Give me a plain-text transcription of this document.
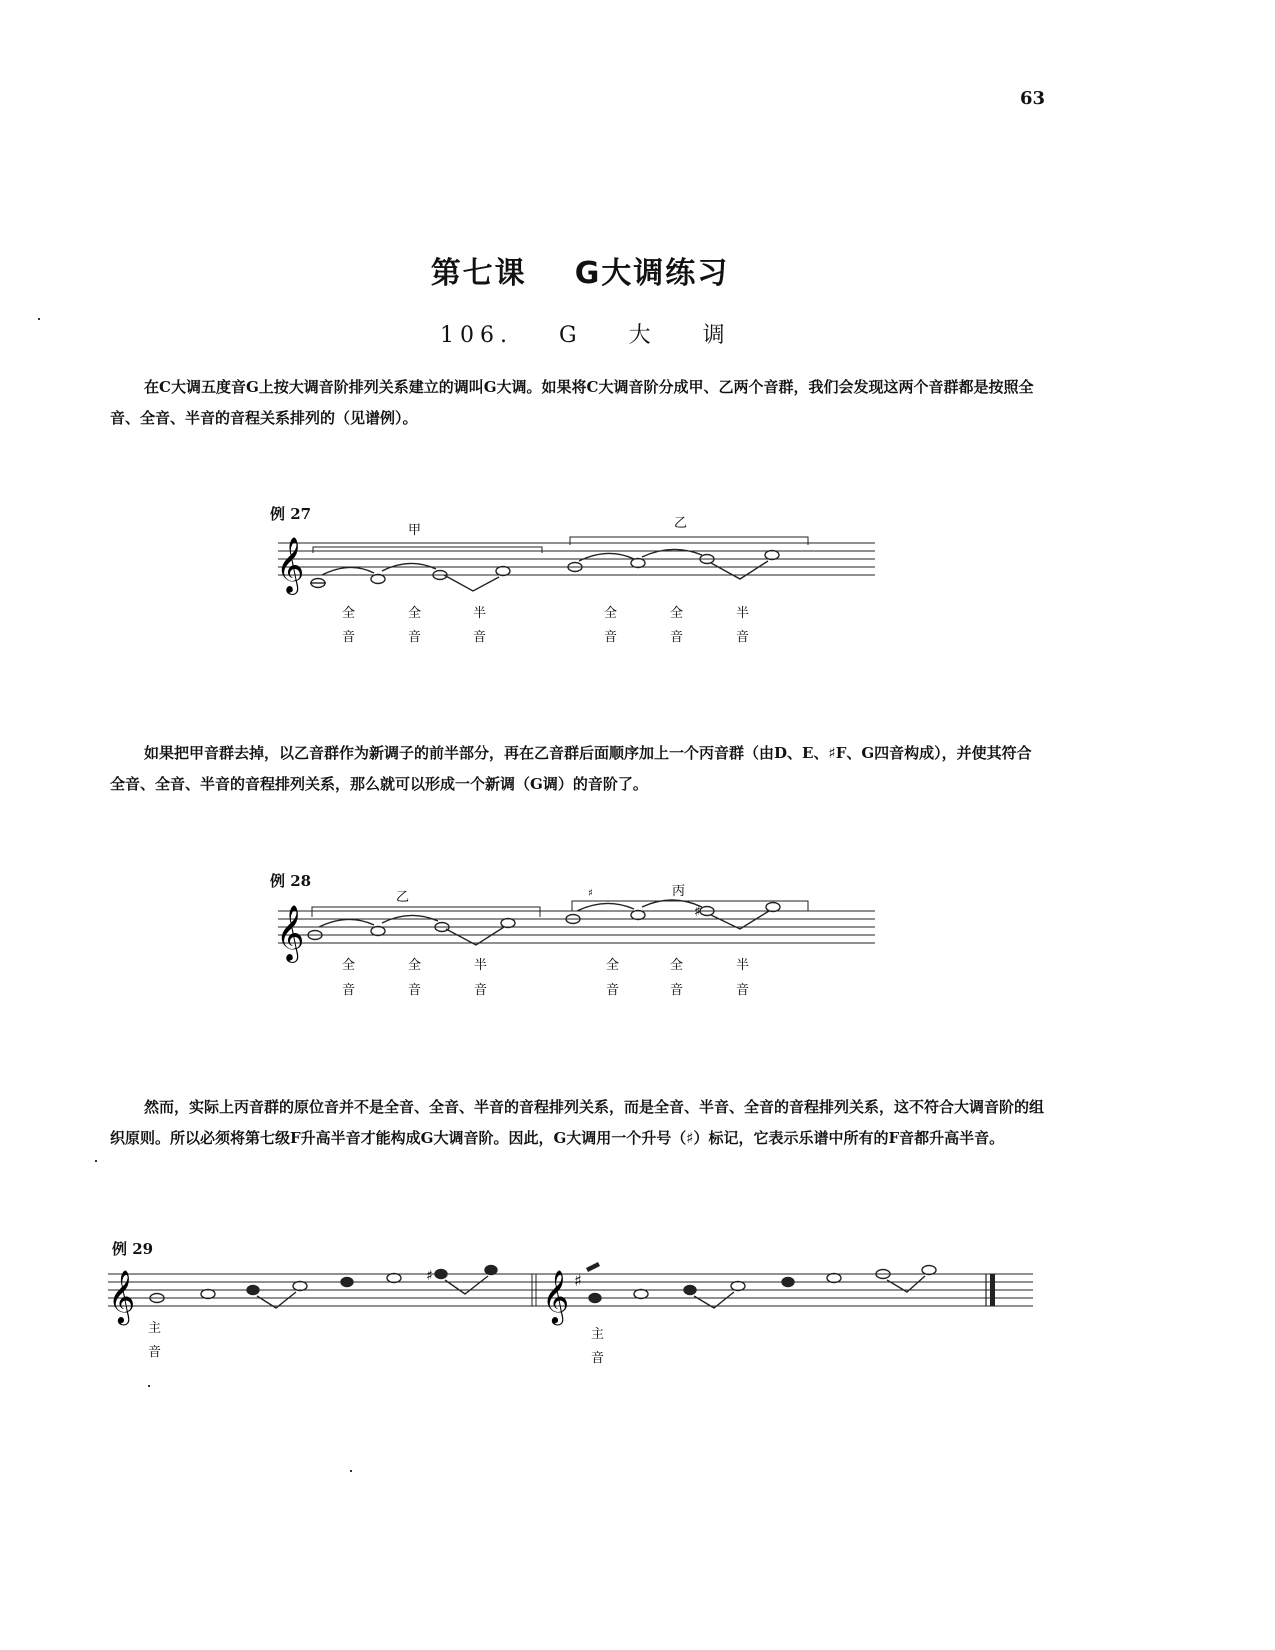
63
第七课 G大调练习
106. G 大 调
在C大调五度音G上按大调音阶排列关系建立的调叫G大调。如果将C大调音阶分成甲、乙两个音群，我们会发现这两个音群都是按照全音、全音、半音的音程关系排列的（见谱例）。
例 27
𝄞
甲	乙
全
音
全
音
半
音
全
音
全
音
半
音
如果把甲音群去掉，以乙音群作为新调子的前半部分，再在乙音群后面顺序加上一个丙音群（由D、E、♯F、G四音构成），并使其符合全音、全音、半音的音程排列关系，那么就可以形成一个新调（G调）的音阶了。
例 28
𝄞
乙	丙
♯
♯
全
音
全
音
半
音
全
音
全
音
半
音
然而，实际上丙音群的原位音并不是全音、全音、半音的音程排列关系，而是全音、半音、全音的音程排列关系，这不符合大调音阶的组织原则。所以必须将第七级F升高半音才能构成G大调音阶。因此，G大调用一个升号（♯）标记，它表示乐谱中所有的F音都升高半音。
例 29
𝄞	♯ 𝄞 ♯
主
音
主
音
